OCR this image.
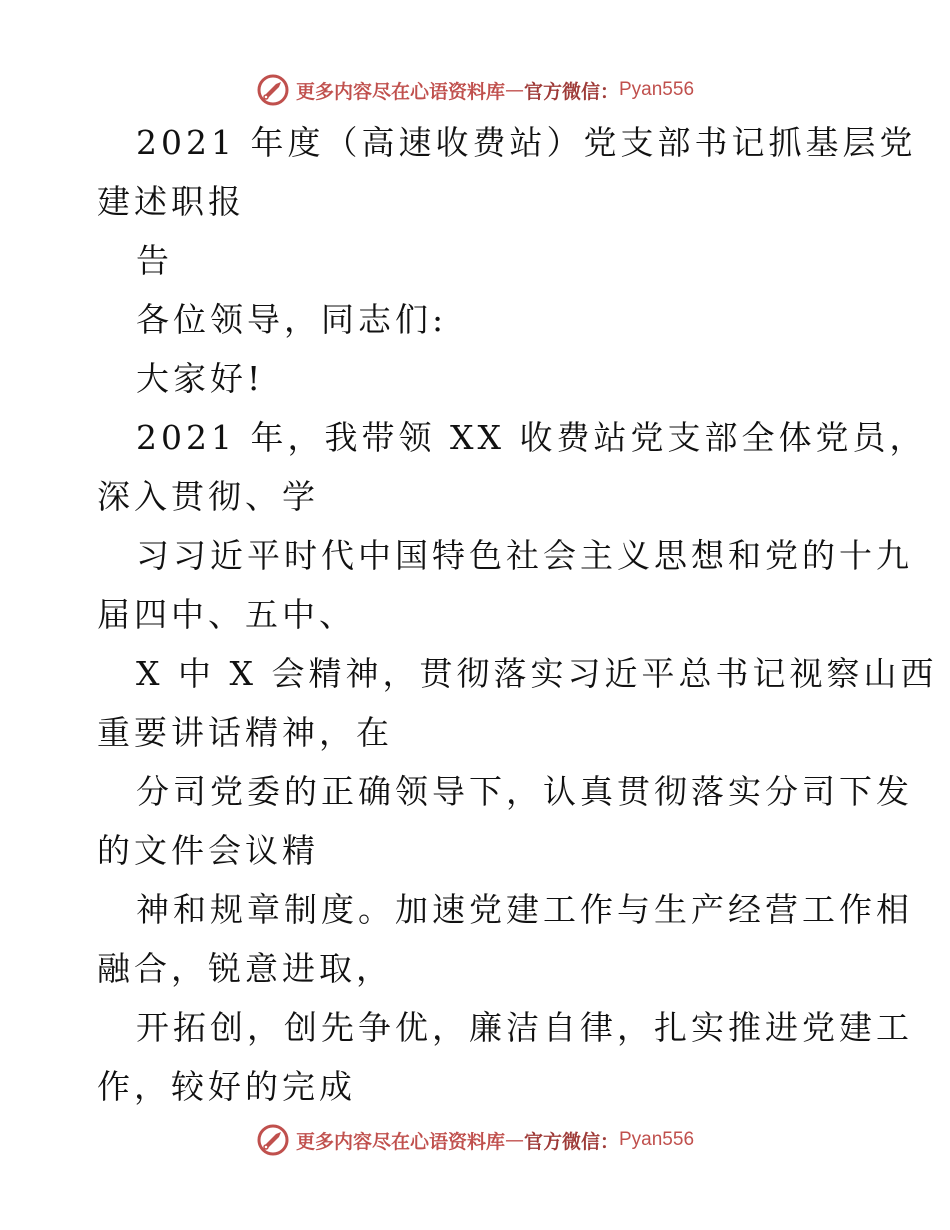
更多内容尽在心语资料库 — 官方微信： Pyan556
2021 年度（高速收费站）党支部书记抓基层党
建述职报
告
各位领导，同志们:
大家好!
2021 年，我带领 XX 收费站党支部全体党员，
深入贯彻、学
习习近平时代中国特色社会主义思想和党的十九
届四中、五中、
X 中 X 会精神，贯彻落实习近平总书记视察山西
重要讲话精神，在
分司党委的正确领导下，认真贯彻落实分司下发
的文件会议精
神和规章制度。加速党建工作与生产经营工作相
融合，锐意进取，
开拓创，创先争优，廉洁自律，扎实推进党建工
作，较好的完成
更多内容尽在心语资料库 — 官方微信： Pyan556
